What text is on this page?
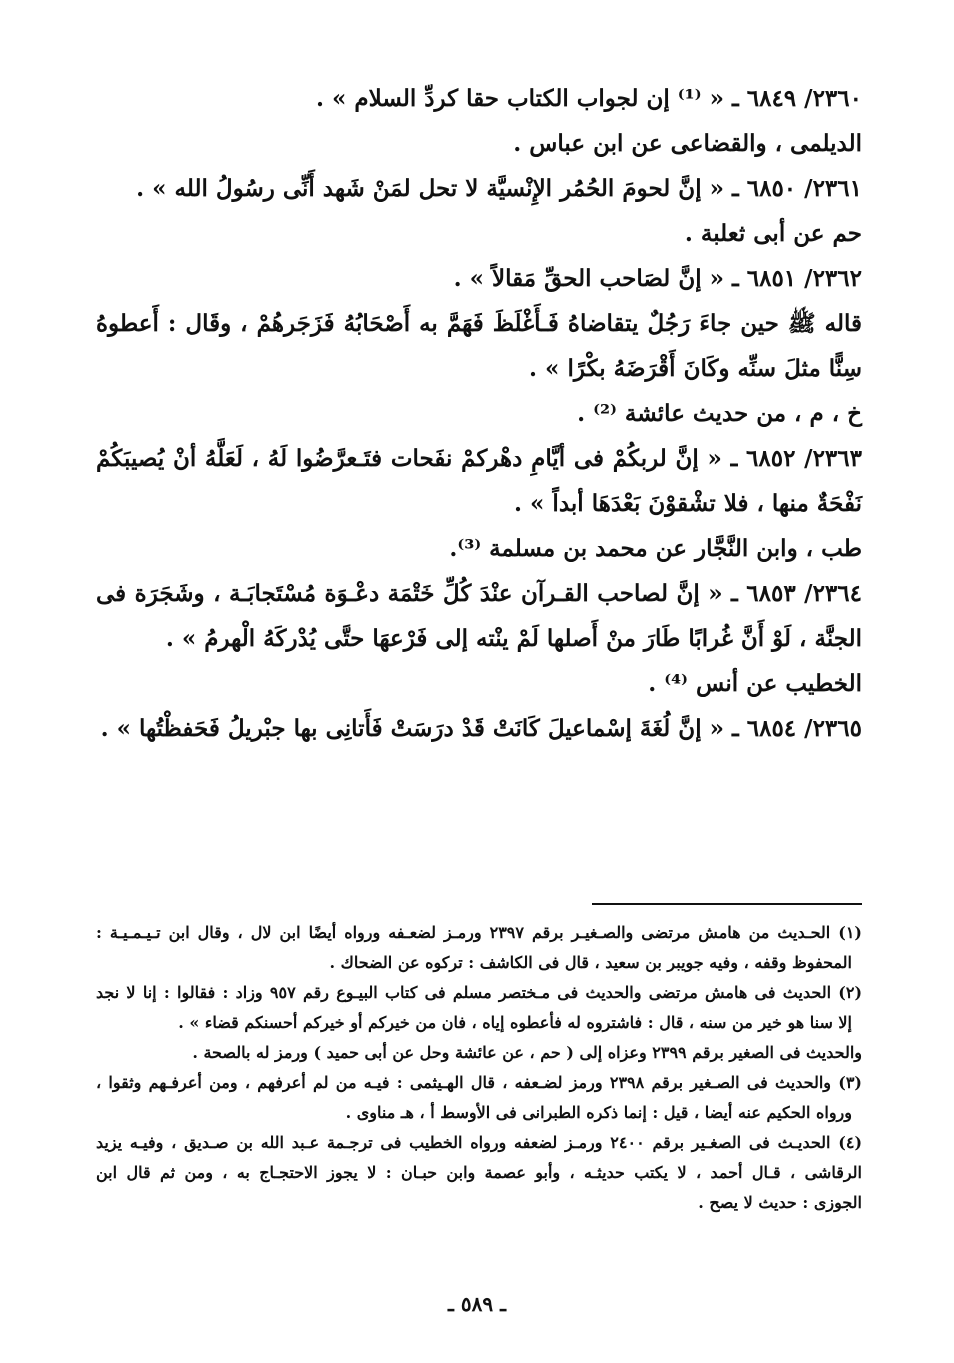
٢٣٦٠/ ٦٨٤٩ ـ « ⁽¹⁾ إن لجواب الكتاب حقا كردِّ السلام » .
الديلمى ، والقضاعى عن ابن عباس .
٢٣٦١/ ٦٨٥٠ ـ « إنَّ لحومَ الحُمُر الإِنْسيَّة لا تحل لمَنْ شَهد أَنِّى رسُولُ الله » .
حم عن أبى ثعلبة .
٢٣٦٢/ ٦٨٥١ ـ « إنَّ لصَاحب الحقِّ مَقالاً » .
قاله ﷺ حين جاءَ رَجُلٌ يتقاضاهُ فَـأَغْلَظَ فَهَمَّ به أَصْحَابُهُ فَزَجَرهُمْ ، وقَال : أَعطوهُ
سِنًّا مثلَ سنِّه وكَانَ أَقْرَضَهُ بكْرًا » .
خ ، م ، من حديث عائشة ⁽²⁾ .
٢٣٦٣/ ٦٨٥٢ ـ « إنَّ لربكُمْ فى أيَّامِ دهْركمْ نفَحات فتَـعرَّضُوا لَهُ ، لَعَلَّهُ أنْ يُصيبَكُمْ
نَفْحَةٌ منها ، فلا تشْقوْنَ بَعْدَهَا أبداً » .
طب ، وابن النَّجَّار عن محمد بن مسلمة ⁽³⁾.
٢٣٦٤/ ٦٨٥٣ ـ « إنَّ لصاحب القـرآن عنْدَ كُلِّ خَتْمَة دعْـوَة مُسْتَجابَـة ، وشَجَرَة فى
الجنَّة ، لَوْ أَنَّ غُرابًا طَارَ منْ أَصلها لَمْ ينْته إلى فَرْعهَا حتَّى يُدْركَهُ الْهرمُ » .
الخطيب عن أنس ⁽⁴⁾ .
٢٣٦٥/ ٦٨٥٤ ـ « إنَّ لُغَةَ إسْماعيلَ كَانَتْ قَدْ درَسَتْ فَأَتانِى بها جبْريلُ فَحَفظْتُها » .
(١) الحـديث من هامش مرتضى والصـغيـر برقم ٢٣٩٧ ورمـز لضعـفه ورواه أيضًا ابن لال ، وقال ابن تـيـمـيـة :
المحفوظ وقفه ، وفيه جويبر بن سعيد ، قال فى الكاشف : تركوه عن الضحاك .
(٢) الحديث فى هامش مرتضى والحديث فى مـختصر مسلم فى كتاب البيـوع رقم ٩٥٧ وزاد : فقالوا : إنا لا نجد
إلا سنا هو خير من سنه ، قال : فاشتروه له فأعطوه إياه ، فان من خيركم أو خيركم أحسنكم قضاء » .
والحديث فى الصغير برقم ٢٣٩٩ وعزاه إلى ( حم ، عن عائشة وحل عن أبى حميد ) ورمز له بالصحة .
(٣) والحديث فى الصـغير برقم ٢٣٩٨ ورمز لضـعفه ، قال الهـيثمى : فيـه من لم أعرفهم ، ومن أعرفـهم وثقوا ،
ورواه الحكيم عنه أيضا ، قيل : إنما ذكره الطبرانى فى الأوسط أ ، هـ مناوى .
(٤) الحديـث فى الصغـير برقم ٢٤٠٠ ورمـز لضعفه ورواه الخطيب فى ترجـمة عـبد الله بن صـديق ، وفيـه يزيد
الرقاشى ، قـال أحمد ، لا يكتب حديثـه ، وأبو عصمة وابن حبـان : لا يجوز الاحتجـاج به ، ومن ثم قال ابن
الجوزى : حديث لا يصح .
ـ ٥٨٩ ـ
